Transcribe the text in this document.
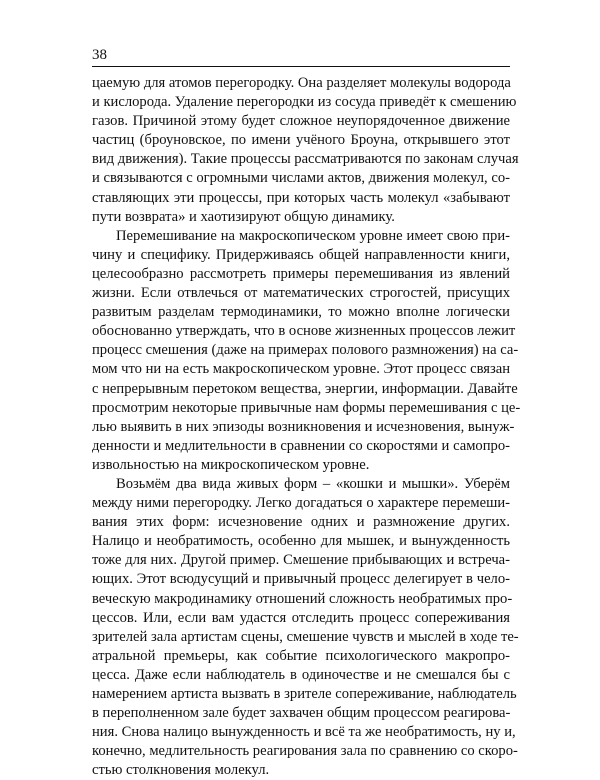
38
цаемую для атомов перегородку. Она разделяет молекулы водорода
и кислорода. Удаление перегородки из сосуда приведёт к смешению
газов. Причиной этому будет сложное неупорядоченное движение
частиц (броуновское, по имени учёного Броуна, открывшего этот
вид движения). Такие процессы рассматриваются по законам случая
и связываются с огромными числами актов, движения молекул, со-
ставляющих эти процессы, при которых часть молекул «забывают
пути возврата» и хаотизируют общую динамику.
Перемешивание на макроскопическом уровне имеет свою при-
чину и специфику. Придерживаясь общей направленности книги,
целесообразно рассмотреть примеры перемешивания из явлений
жизни. Если отвлечься от математических строгостей, присущих
развитым разделам термодинамики, то можно вполне логически
обоснованно утверждать, что в основе жизненных процессов лежит
процесс смешения (даже на примерах полового размножения) на са-
мом что ни на есть макроскопическом уровне. Этот процесс связан
с непрерывным перетоком вещества, энергии, информации. Давайте
просмотрим некоторые привычные нам формы перемешивания с це-
лью выявить в них эпизоды возникновения и исчезновения, вынуж-
денности и медлительности в сравнении со скоростями и самопро-
извольностью на микроскопическом уровне.
Возьмём два вида живых форм – «кошки и мышки». Уберём
между ними перегородку. Легко догадаться о характере перемеши-
вания этих форм: исчезновение одних и размножение других.
Налицо и необратимость, особенно для мышек, и вынужденность
тоже для них. Другой пример. Смешение прибывающих и встреча-
ющих. Этот всюдусущий и привычный процесс делегирует в чело-
веческую макродинамику отношений сложность необратимых про-
цессов. Или, если вам удастся отследить процесс сопереживания
зрителей зала артистам сцены, смешение чувств и мыслей в ходе те-
атральной премьеры, как событие психологического макропро-
цесса. Даже если наблюдатель в одиночестве и не смешался бы с
намерением артиста вызвать в зрителе сопереживание, наблюдатель
в переполненном зале будет захвачен общим процессом реагирова-
ния. Снова налицо вынужденность и всё та же необратимость, ну и,
конечно, медлительность реагирования зала по сравнению со скоро-
стью столкновения молекул.
